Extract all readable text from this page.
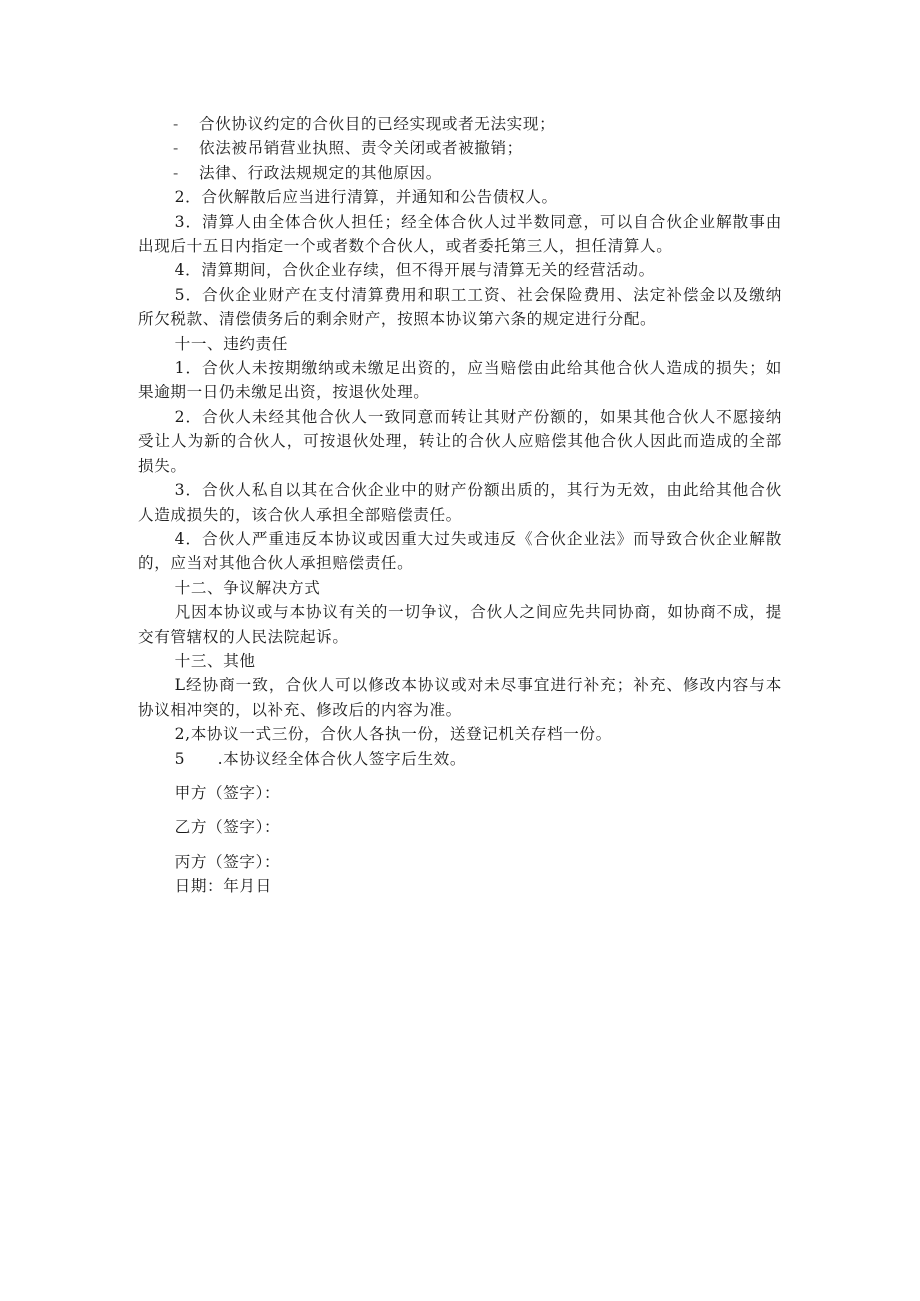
-	合伙协议约定的合伙目的已经实现或者无法实现；
-	依法被吊销营业执照、责令关闭或者被撤销；
-	法律、行政法规规定的其他原因。

2．合伙解散后应当进行清算，并通知和公告债权人。

3．清算人由全体合伙人担任；经全体合伙人过半数同意，可以自合伙企业解散事由出现后十五日内指定一个或者数个合伙人，或者委托第三人，担任清算人。

4．清算期间，合伙企业存续，但不得开展与清算无关的经营活动。

5．合伙企业财产在支付清算费用和职工工资、社会保险费用、法定补偿金以及缴纳所欠税款、清偿债务后的剩余财产，按照本协议第六条的规定进行分配。

十一、违约责任

1．合伙人未按期缴纳或未缴足出资的，应当赔偿由此给其他合伙人造成的损失；如果逾期一日仍未缴足出资，按退伙处理。

2．合伙人未经其他合伙人一致同意而转让其财产份额的，如果其他合伙人不愿接纳受让人为新的合伙人，可按退伙处理，转让的合伙人应赔偿其他合伙人因此而造成的全部损失。

3．合伙人私自以其在合伙企业中的财产份额出质的，其行为无效，由此给其他合伙人造成损失的，该合伙人承担全部赔偿责任。

4．合伙人严重违反本协议或因重大过失或违反《合伙企业法》而导致合伙企业解散的，应当对其他合伙人承担赔偿责任。

十二、争议解决方式

凡因本协议或与本协议有关的一切争议，合伙人之间应先共同协商，如协商不成，提交有管辖权的人民法院起诉。

十三、其他

L经协商一致，合伙人可以修改本协议或对未尽事宜进行补充；补充、修改内容与本协议相冲突的，以补充、修改后的内容为准。

2,本协议一式三份，合伙人各执一份，送登记机关存档一份。

5　　.本协议经全体合伙人签字后生效。

甲方（签字）：

乙方（签字）：

丙方（签字）：

日期：年月日
